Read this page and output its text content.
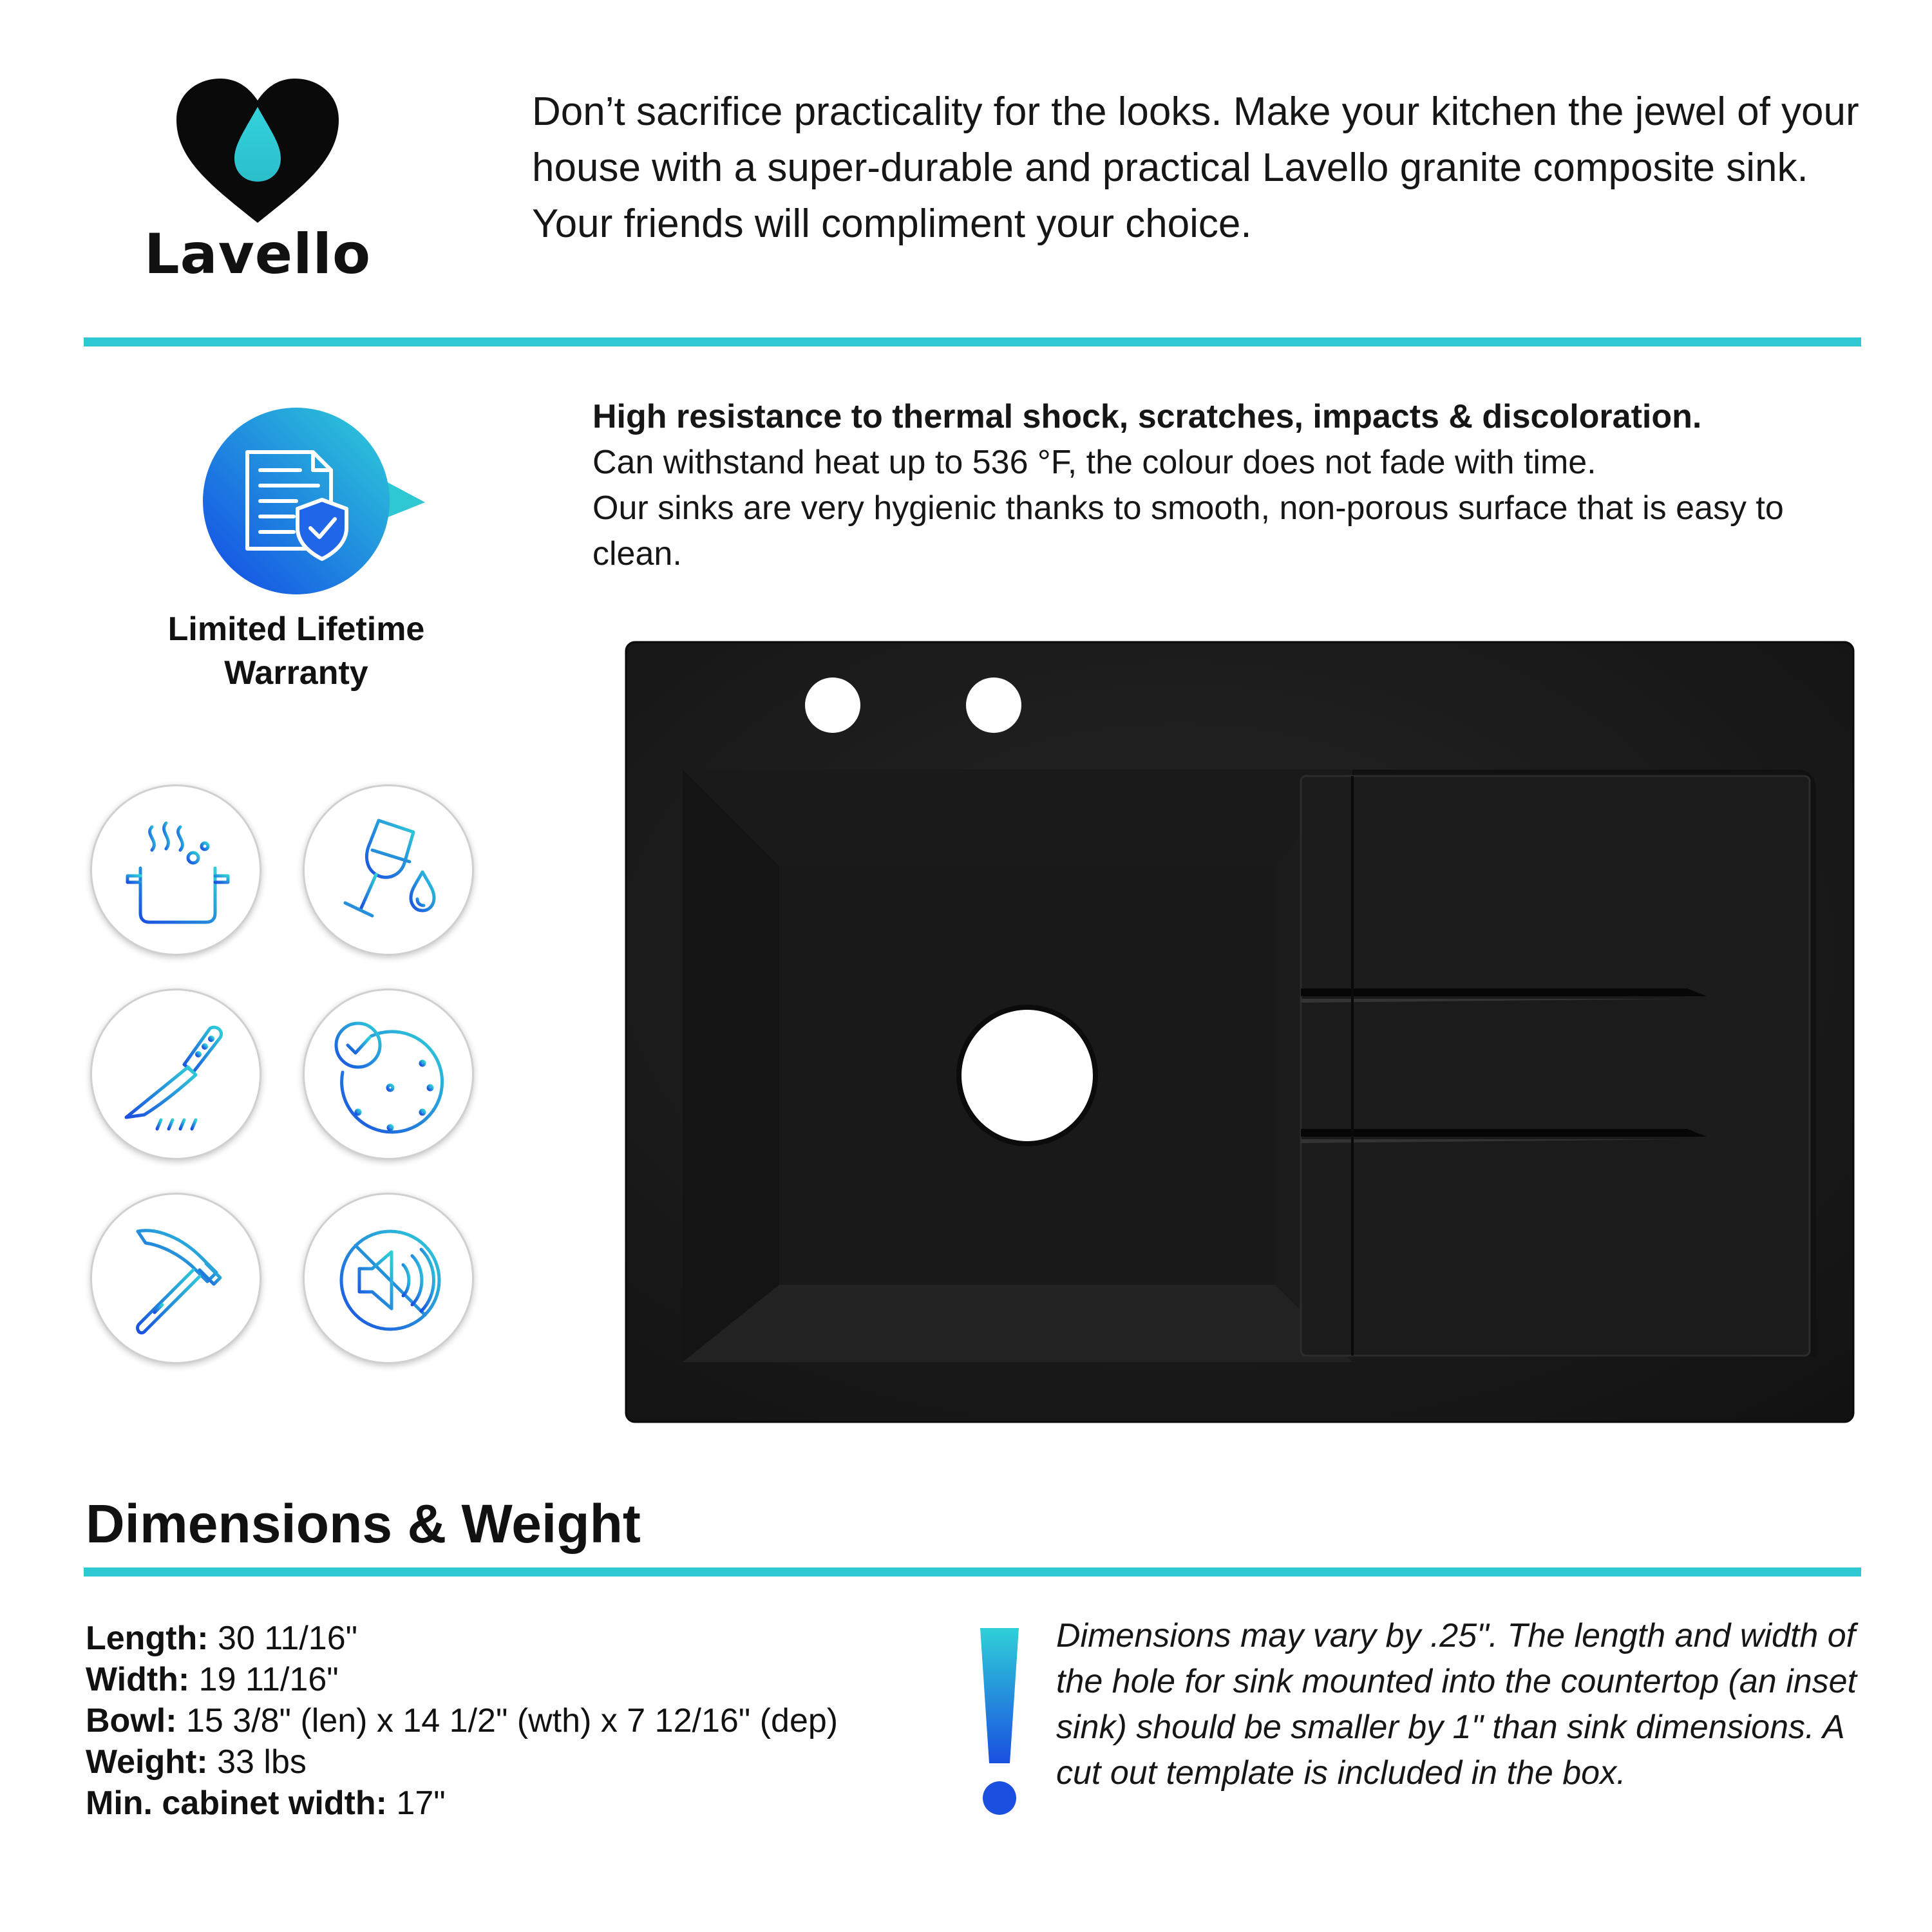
Lavello
Don’t sacrifice practicality for the looks. Make your kitchen the jewel of your house with a super-durable and practical Lavello granite composite sink. Your friends will compliment your choice.
Limited Lifetime
Warranty
High resistance to thermal shock, scratches, impacts & discoloration.
Can withstand heat up to 536 °F, the colour does not fade with time.
Our sinks are very hygienic thanks to smooth, non-porous surface that is easy to clean.
Dimensions & Weight
Length: 30 11/16"
Width: 19 11/16"
Bowl: 15 3/8" (len) x 14 1/2" (wth) x 7 12/16" (dep)
Weight: 33 lbs
Min. cabinet width: 17"
Dimensions may vary by .25". The length and width of the hole for sink mounted into the countertop (an inset sink) should be smaller by 1" than sink dimensions. A cut out template is included in the box.
